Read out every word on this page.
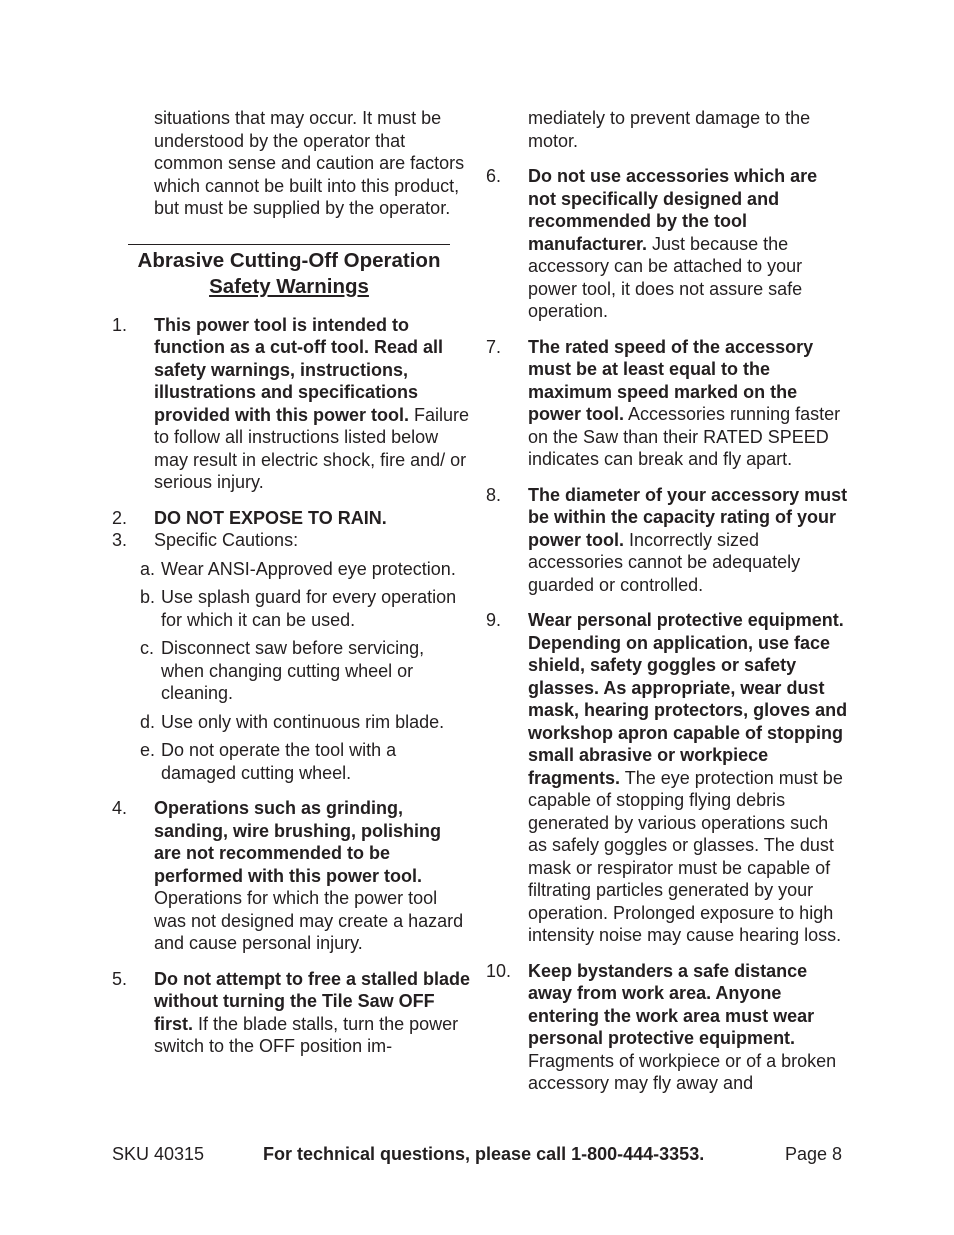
situations that may occur. It must be understood by the operator that common sense and caution are factors which cannot be built into this product, but must be supplied by the operator.

Abrasive Cutting-Off Operation
Safety Warnings
1.	This power tool is intended to function as a cut-off tool. Read all safety warnings, instructions, illustrations and specifications provided with this power tool. Failure to follow all instructions listed below may result in electric shock, fire and/ or serious injury.
2.	DO NOT EXPOSE TO RAIN.
3.	Specific Cautions:
a. Wear ANSI-Approved eye protection.
b. Use splash guard for every operation for which it can be used.
c. Disconnect saw before servicing, when changing cutting wheel or cleaning.
d. Use only with continuous rim blade.
e. Do not operate the tool with a damaged cutting wheel.
4.	Operations such as grinding, sanding, wire brushing, polishing are not recommended to be performed with this power tool. Operations for which the power tool was not designed may create a hazard and cause personal injury.
5.	Do not attempt to free a stalled blade without turning the Tile Saw OFF first. If the blade stalls, turn the power switch to the OFF position im-

mediately to prevent damage to the motor.

6.	Do not use accessories which are not specifically designed and recommended by the tool manufacturer. Just because the accessory can be attached to your power tool, it does not assure safe operation.
7.	The rated speed of the accessory must be at least equal to the maximum speed marked on the power tool. Accessories running faster on the Saw than their RATED SPEED indicates can break and fly apart.
8.	The diameter of your accessory must be within the capacity rating of your power tool. Incorrectly sized accessories cannot be adequately guarded or controlled.
9.	Wear personal protective equipment. Depending on application, use face shield, safety goggles or safety glasses. As appropriate, wear dust mask, hearing protectors, gloves and workshop apron capable of stopping small abrasive or workpiece fragments. The eye protection must be capable of stopping flying debris generated by various operations such as safely goggles or glasses. The dust mask or respirator must be capable of filtrating particles generated by your operation. Prolonged exposure to high intensity noise may cause hearing loss.
10. Keep bystanders a safe distance away from work area. Anyone entering the work area must wear personal protective equipment. Fragments of workpiece or of a broken accessory may fly away and
SKU 40315	For technical questions, please call 1-800-444-3353.	Page 8
